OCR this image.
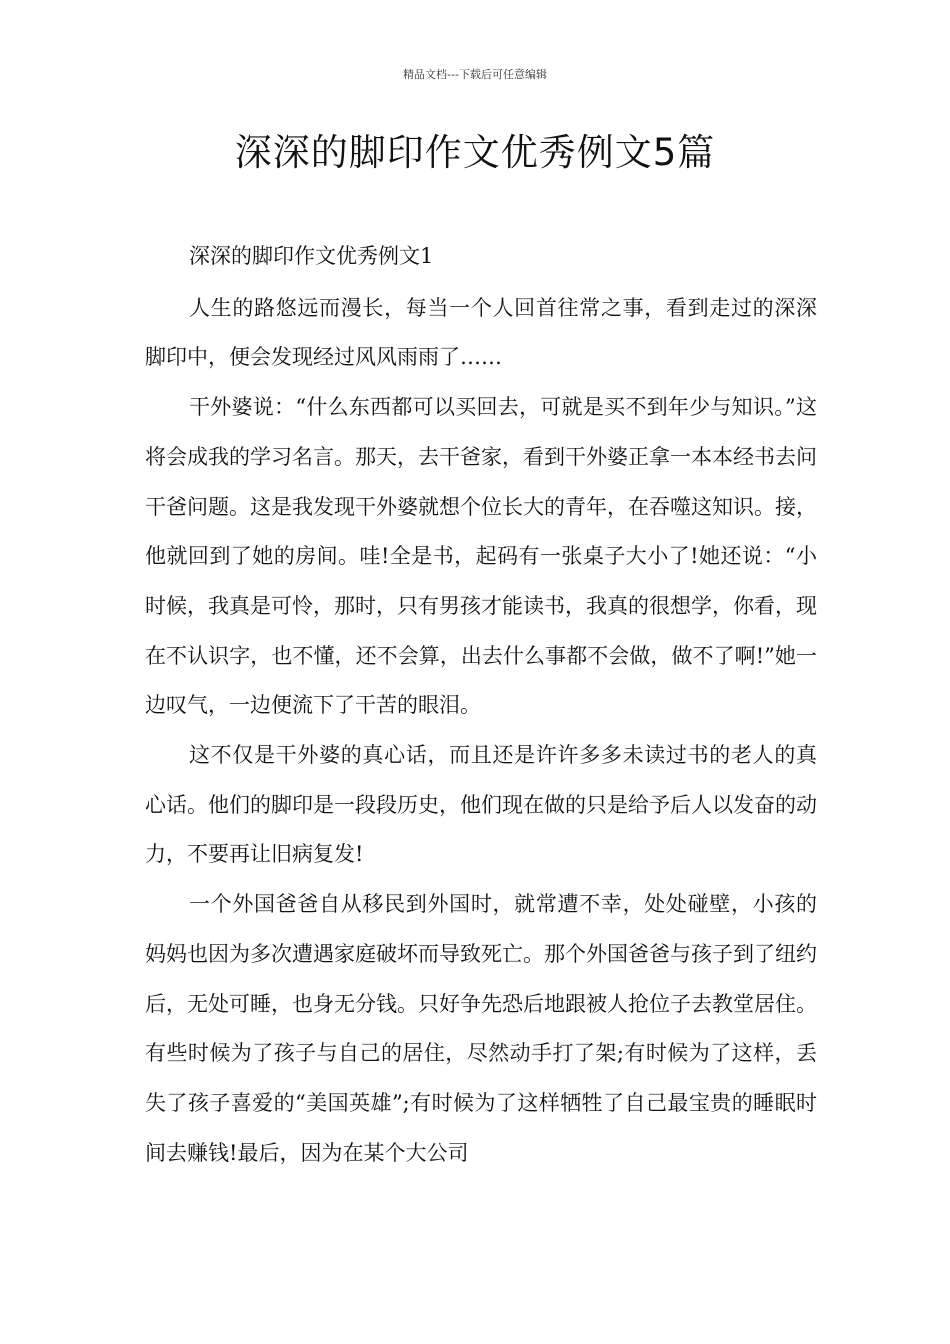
精品文档---下载后可任意编辑
深深的脚印作文优秀例文5篇

深深的脚印作文优秀例文1

人生的路悠远而漫长，每当一个人回首往常之事，看到走过的深深脚印中，便会发现经过风风雨雨了……

干外婆说：“什么东西都可以买回去，可就是买不到年少与知识。”这将会成我的学习名言。那天，去干爸家，看到干外婆正拿一本本经书去问干爸问题。这是我发现干外婆就想个位长大的青年，在吞噬这知识。接，他就回到了她的房间。哇!全是书，起码有一张桌子大小了!她还说：“小时候，我真是可怜，那时，只有男孩才能读书，我真的很想学，你看，现在不认识字，也不懂，还不会算，出去什么事都不会做，做不了啊!”她一边叹气，一边便流下了干苦的眼泪。

这不仅是干外婆的真心话，而且还是许许多多未读过书的老人的真心话。他们的脚印是一段段历史，他们现在做的只是给予后人以发奋的动力，不要再让旧病复发!

一个外国爸爸自从移民到外国时，就常遭不幸，处处碰壁，小孩的妈妈也因为多次遭遇家庭破坏而导致死亡。那个外国爸爸与孩子到了纽约后，无处可睡，也身无分钱。只好争先恐后地跟被人抢位子去教堂居住。有些时候为了孩子与自己的居住，尽然动手打了架;有时候为了这样，丢失了孩子喜爱的“美国英雄”;有时候为了这样牺牲了自己最宝贵的睡眠时间去赚钱!最后，因为在某个大公司
